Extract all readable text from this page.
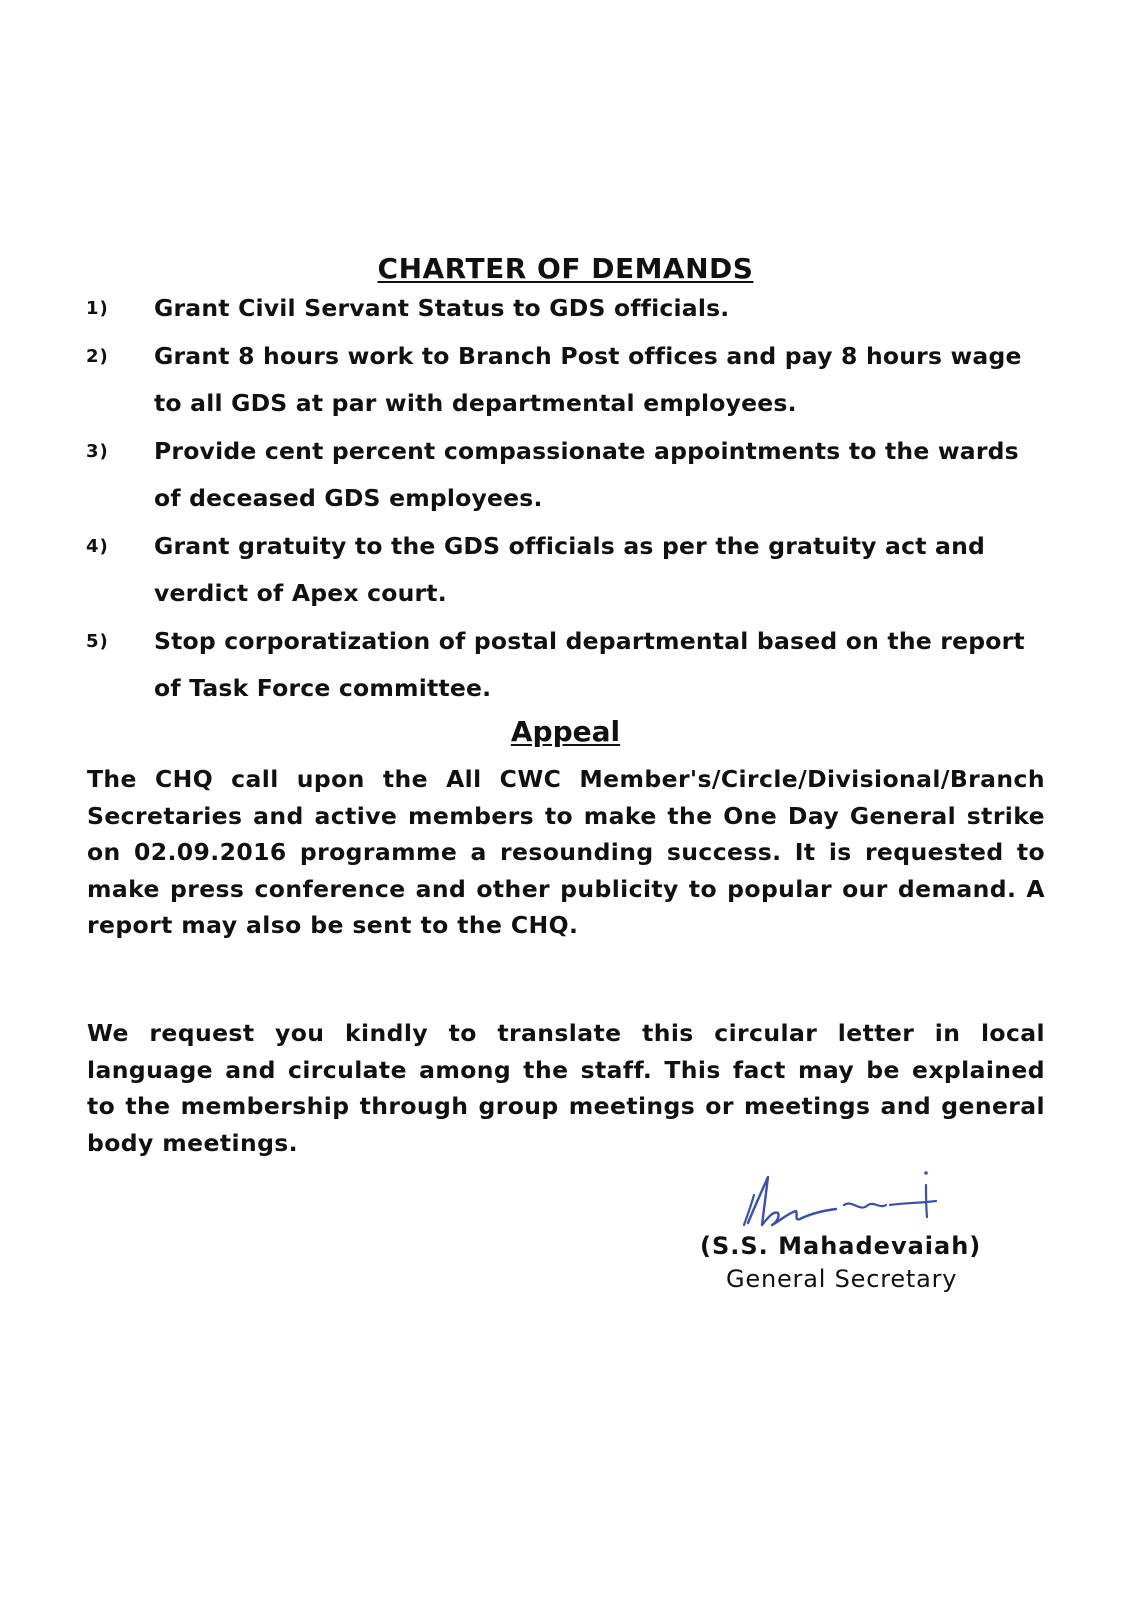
CHARTER OF DEMANDS
1) Grant Civil Servant Status to GDS officials.
2) Grant 8 hours work to Branch Post offices and pay 8 hours wage to all GDS at par with departmental employees.
3) Provide cent percent compassionate appointments to the wards of deceased GDS employees.
4) Grant gratuity to the GDS officials as per the gratuity act and verdict of Apex court.
5) Stop corporatization of postal departmental based on the report of Task Force committee.
Appeal

The CHQ call upon the All CWC Member's/Circle/Divisional/Branch Secretaries and active members to make the One Day General strike on 02.09.2016 programme a resounding success. It is requested to make press conference and other publicity to popular our demand. A report may also be sent to the CHQ.

We request you kindly to translate this circular letter in local language and circulate among the staff. This fact may be explained to the membership through group meetings or meetings and general body meetings.

(S.S. Mahadevaiah)

General Secretary
